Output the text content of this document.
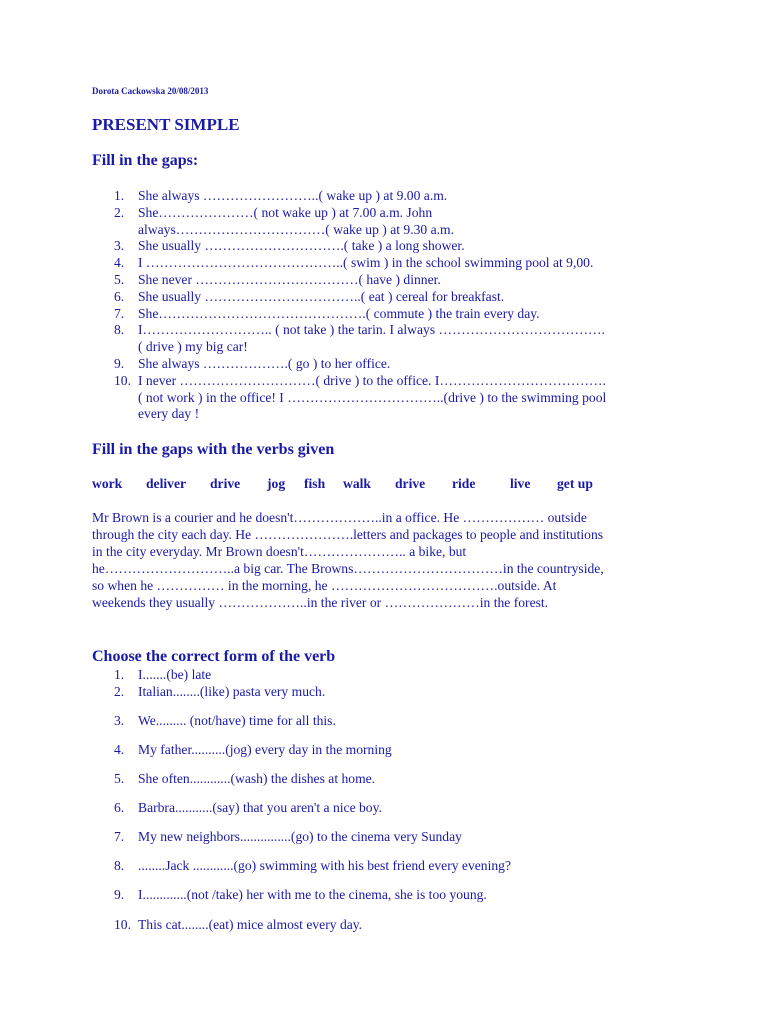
Dorota Cackowska 20/08/2013
PRESENT SIMPLE
Fill in the gaps:
1.	She always ……………………..( wake up ) at 9.00 a.m.
2.	She…………………( not wake up ) at 7.00 a.m. John
always……………………………( wake up ) at 9.30 a.m.
3.	She usually ………………………….( take ) a long shower.
4.	I ……………………………………..( swim ) in the school swimming pool at 9,00.
5.	She never ………………………………( have ) dinner.
6.	She usually ……………………………..( eat ) cereal for breakfast.
7.	She……………………………………….( commute ) the train every day.
8.	I……………………….. ( not take ) the tarin. I always ……………………………….
( drive ) my big car!
9.	She always ……………….( go ) to her office.
10. I never …………………………( drive ) to the office. I……………………………….
( not work ) in the office! I ……………………………..(drive ) to the swimming pool
every day !
Fill in the gaps with the verbs given
work deliver drive jog fish walk drive ride	live get up
Mr Brown is a courier and he doesn't………………..in a office. He ……………… outside
through the city each day. He ………………….letters and packages to people and institutions
in the city everyday. Mr Brown doesn't………………….. a bike, but
he………………………..a big car. The Browns……………………………in the countryside,
so when he …………… in the morning, he ……………………………….outside. At
weekends they usually ………………..in the river or …………………in the forest.
Choose the correct form of the verb
1.	I.......(be) late
2.	Italian........(like) pasta very much.
3.	We......... (not/have) time for all this.
4.	My father..........(jog) every day in the morning
5.	She often............(wash) the dishes at home.
6.	Barbra...........(say) that you aren't a nice boy.
7.	My new neighbors...............(go) to the cinema very Sunday
8.	........Jack ............(go) swimming with his best friend every evening?
9.	I.............(not /take) her with me to the cinema, she is too young.
10. This cat........(eat) mice almost every day.
